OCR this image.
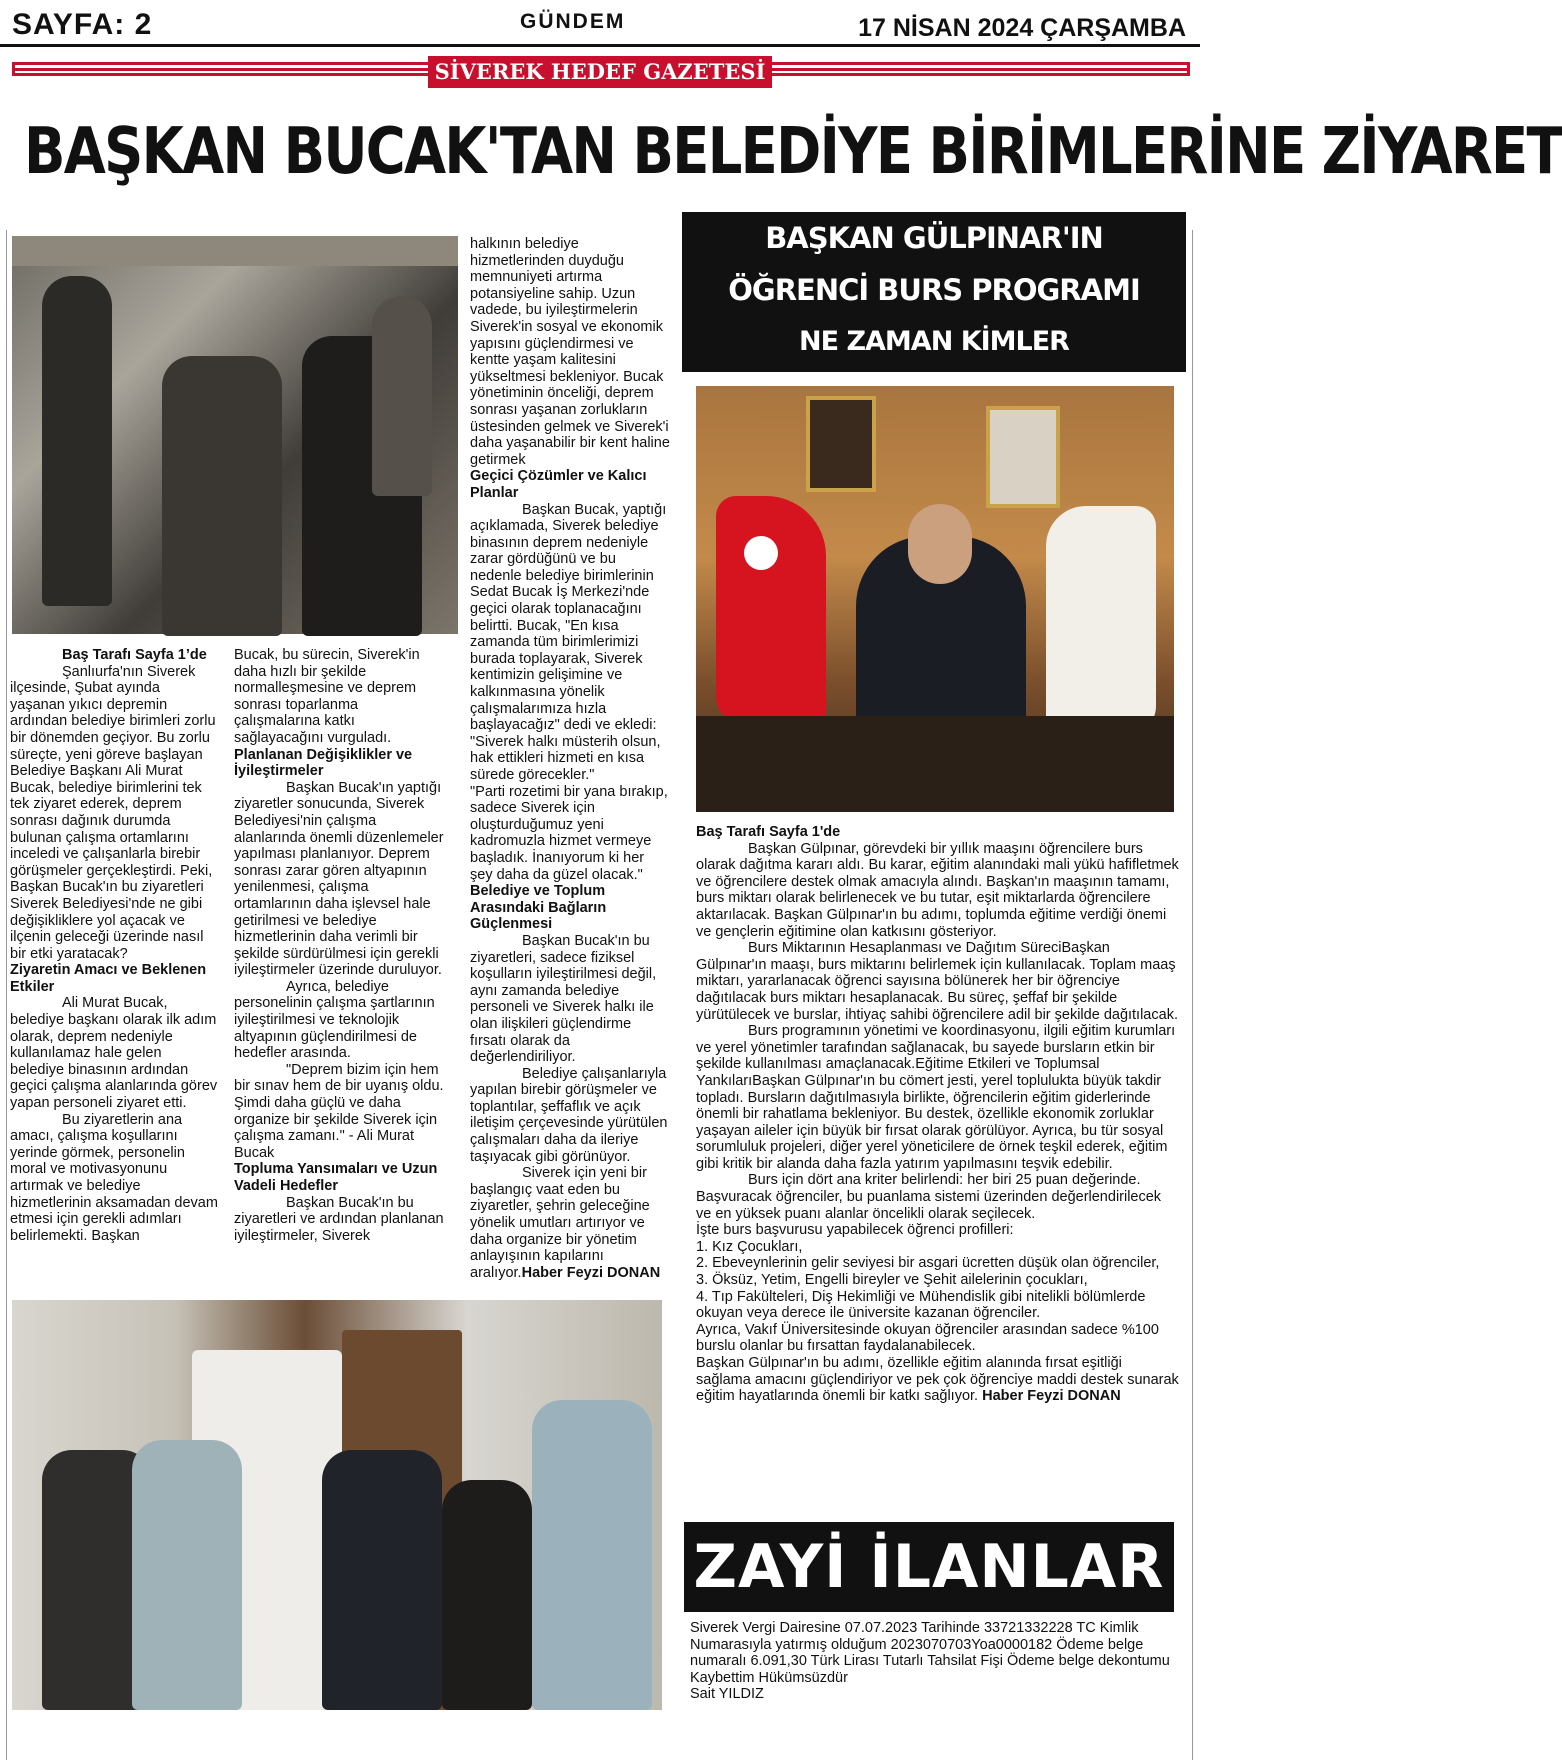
SAYFA: 2	GÜNDEM	17 NİSAN 2024 ÇARŞAMBA
SİVEREK HEDEF GAZETESİ
BAŞKAN BUCAK'TAN BELEDİYE BİRİMLERİNE ZİYARET

Baş Tarafı Sayfa 1’de

Şanlıurfa'nın Siverek ilçesinde, Şubat ayında yaşanan yıkıcı depremin ardından belediye birimleri zorlu bir dönemden geçiyor. Bu zorlu süreçte, yeni göreve başlayan Belediye Başkanı Ali Murat Bucak, belediye birimlerini tek tek ziyaret ederek, deprem sonrası dağınık durumda bulunan çalışma ortamlarını inceledi ve çalışanlarla birebir görüşmeler gerçekleştirdi. Peki, Başkan Bucak'ın bu ziyaretleri Siverek Belediyesi'nde ne gibi değişikliklere yol açacak ve ilçenin geleceği üzerinde nasıl bir etki yaratacak?

Ziyaretin Amacı ve Beklenen Etkiler

Ali Murat Bucak, belediye başkanı olarak ilk adım olarak, deprem nedeniyle kullanılamaz hale gelen belediye binasının ardından geçici çalışma alanlarında görev yapan personeli ziyaret etti.

Bu ziyaretlerin ana amacı, çalışma koşullarını yerinde görmek, personelin moral ve motivasyonunu artırmak ve belediye hizmetlerinin aksamadan devam etmesi için gerekli adımları belirlemekti. Başkan

Bucak, bu sürecin, Siverek'in daha hızlı bir şekilde normalleşmesine ve deprem sonrası toparlanma çalışmalarına katkı sağlayacağını vurguladı.

Planlanan Değişiklikler ve İyileştirmeler

Başkan Bucak'ın yaptığı ziyaretler sonucunda, Siverek Belediyesi'nin çalışma alanlarında önemli düzenlemeler yapılması planlanıyor. Deprem sonrası zarar gören altyapının yenilenmesi, çalışma ortamlarının daha işlevsel hale getirilmesi ve belediye hizmetlerinin daha verimli bir şekilde sürdürülmesi için gerekli iyileştirmeler üzerinde duruluyor.

Ayrıca, belediye personelinin çalışma şartlarının iyileştirilmesi ve teknolojik altyapının güçlendirilmesi de hedefler arasında.

"Deprem bizim için hem bir sınav hem de bir uyanış oldu. Şimdi daha güçlü ve daha organize bir şekilde Siverek için çalışma zamanı." - Ali Murat Bucak

Topluma Yansımaları ve Uzun Vadeli Hedefler

Başkan Bucak'ın bu ziyaretleri ve ardından planlanan iyileştirmeler, Siverek

halkının belediye hizmetlerinden duyduğu memnuniyeti artırma potansiyeline sahip. Uzun vadede, bu iyileştirmelerin Siverek'in sosyal ve ekonomik yapısını güçlendirmesi ve kentte yaşam kalitesini yükseltmesi bekleniyor. Bucak yönetiminin önceliği, deprem sonrası yaşanan zorlukların üstesinden gelmek ve Siverek'i daha yaşanabilir bir kent haline getirmek

Geçici Çözümler ve Kalıcı Planlar

Başkan Bucak, yaptığı açıklamada, Siverek belediye binasının deprem nedeniyle zarar gördüğünü ve bu nedenle belediye birimlerinin Sedat Bucak İş Merkezi'nde geçici olarak toplanacağını belirtti. Bucak, "En kısa zamanda tüm birimlerimizi burada toplayarak, Siverek kentimizin gelişimine ve kalkınmasına yönelik çalışmalarımıza hızla başlayacağız" dedi ve ekledi:

"Siverek halkı müsterih olsun, hak ettikleri hizmeti en kısa sürede görecekler."

"Parti rozetimi bir yana bırakıp, sadece Siverek için oluşturduğumuz yeni kadromuzla hizmet vermeye başladık. İnanıyorum ki her şey daha da güzel olacak."

Belediye ve Toplum Arasındaki Bağların Güçlenmesi

Başkan Bucak'ın bu ziyaretleri, sadece fiziksel koşulların iyileştirilmesi değil, aynı zamanda belediye personeli ve Siverek halkı ile olan ilişkileri güçlendirme fırsatı olarak da değerlendiriliyor.

Belediye çalışanlarıyla yapılan birebir görüşmeler ve toplantılar, şeffaflık ve açık iletişim çerçevesinde yürütülen çalışmaları daha da ileriye taşıyacak gibi görünüyor.

Siverek için yeni bir başlangıç vaat eden bu ziyaretler, şehrin geleceğine yönelik umutları artırıyor ve daha organize bir yönetim anlayışının kapılarını aralıyor.Haber Feyzi DONAN

BAŞKAN GÜLPINAR'IN
ÖĞRENCİ BURS PROGRAMI
NE ZAMAN KİMLER

Baş Tarafı Sayfa 1'de

Başkan Gülpınar, görevdeki bir yıllık maaşını öğrencilere burs olarak dağıtma kararı aldı. Bu karar, eğitim alanındaki mali yükü hafifletmek ve öğrencilere destek olmak amacıyla alındı. Başkan'ın maaşının tamamı, burs miktarı olarak belirlenecek ve bu tutar, eşit miktarlarda öğrencilere aktarılacak. Başkan Gülpınar'ın bu adımı, toplumda eğitime verdiği önemi ve gençlerin eğitimine olan katkısını gösteriyor.

Burs Miktarının Hesaplanması ve Dağıtım SüreciBaşkan Gülpınar'ın maaşı, burs miktarını belirlemek için kullanılacak. Toplam maaş miktarı, yararlanacak öğrenci sayısına bölünerek her bir öğrenciye dağıtılacak burs miktarı hesaplanacak. Bu süreç, şeffaf bir şekilde yürütülecek ve burslar, ihtiyaç sahibi öğrencilere adil bir şekilde dağıtılacak.

Burs programının yönetimi ve koordinasyonu, ilgili eğitim kurumları ve yerel yönetimler tarafından sağlanacak, bu sayede bursların etkin bir şekilde kullanılması amaçlanacak.Eğitime Etkileri ve Toplumsal YankılarıBaşkan Gülpınar'ın bu cömert jesti, yerel toplulukta büyük takdir topladı. Bursların dağıtılmasıyla birlikte, öğrencilerin eğitim giderlerinde önemli bir rahatlama bekleniyor. Bu destek, özellikle ekonomik zorluklar yaşayan aileler için büyük bir fırsat olarak görülüyor. Ayrıca, bu tür sosyal sorumluluk projeleri, diğer yerel yöneticilere de örnek teşkil ederek, eğitim gibi kritik bir alanda daha fazla yatırım yapılmasını teşvik edebilir.

Burs için dört ana kriter belirlendi: her biri 25 puan değerinde.

Başvuracak öğrenciler, bu puanlama sistemi üzerinden değerlendirilecek ve en yüksek puanı alanlar öncelikli olarak seçilecek.

İşte burs başvurusu yapabilecek öğrenci profilleri:

1. Kız Çocukları,

2. Ebeveynlerinin gelir seviyesi bir asgari ücretten düşük olan öğrenciler,

3. Öksüz, Yetim, Engelli bireyler ve Şehit ailelerinin çocukları,

4. Tıp Fakülteleri, Diş Hekimliği ve Mühendislik gibi nitelikli bölümlerde okuyan veya derece ile üniversite kazanan öğrenciler.

Ayrıca, Vakıf Üniversitesinde okuyan öğrenciler arasından sadece %100 burslu olanlar bu fırsattan faydalanabilecek.

Başkan Gülpınar'ın bu adımı, özellikle eğitim alanında fırsat eşitliği sağlama amacını güçlendiriyor ve pek çok öğrenciye maddi destek sunarak eğitim hayatlarında önemli bir katkı sağlıyor. Haber Feyzi DONAN

ZAYİ İLANLAR

Siverek Vergi Dairesine 07.07.2023 Tarihinde 33721332228 TC Kimlik Numarasıyla yatırmış olduğum 2023070703Yoa0000182 Ödeme belge numaralı 6.091,30 Türk Lirası Tutarlı Tahsilat Fişi Ödeme belge dekontumu Kaybettim Hükümsüzdür

Sait YILDIZ
